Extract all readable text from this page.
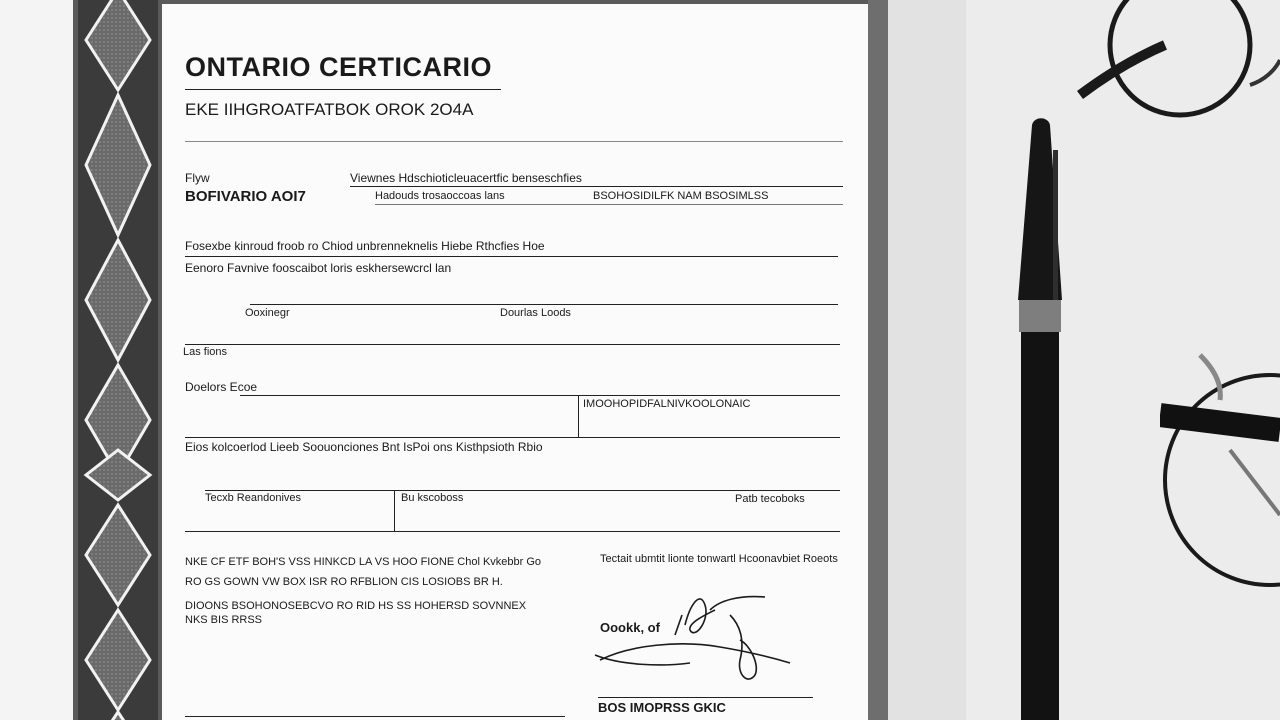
ONTARIO CERTICARIO
EKE IIHGROATFATBOK OROK 2O4A
Flyw
BOFIVARIO AOI7
Viewnes Hdschioticleuacertfic benseschfies
Hadouds trosaoccoas lans	BSOHOSIDILFK NAM BSOSIMLSS
Fosexbe kinroud froob ro Chiod unbrenneknelis Hiebe Rthcfies Hoe
Eenoro Favnive fooscaibot loris eskhersewcrcl lan
Ooxinegr	Dourlas Loods
Las fions
Doelors Ecoe
IMOOHOPIDFALNIVKOOLONAIC
Eios kolcoerlod Lieeb Soouonciones Bnt IsPoi ons Kisthpsioth Rbio
Tecxb Reandonives	Bu kscoboss	Patb tecoboks
NKE CF ETF BOH'S VSS HINKCD LA VS HOO FIONE Chol Kvkebbr Go
RO GS GOWN VW BOX ISR RO RFBLION CIS LOSIOBS BR H.
DIOONS BSOHONOSEBCVO RO RID HS SS HOHERSD SOVNNEX
NKS BIS RRSS
Tectait ubmtit lionte tonwartl Hcoonavbiet Roeots
Oookk, of
BOS IMOPRSS GKIC
